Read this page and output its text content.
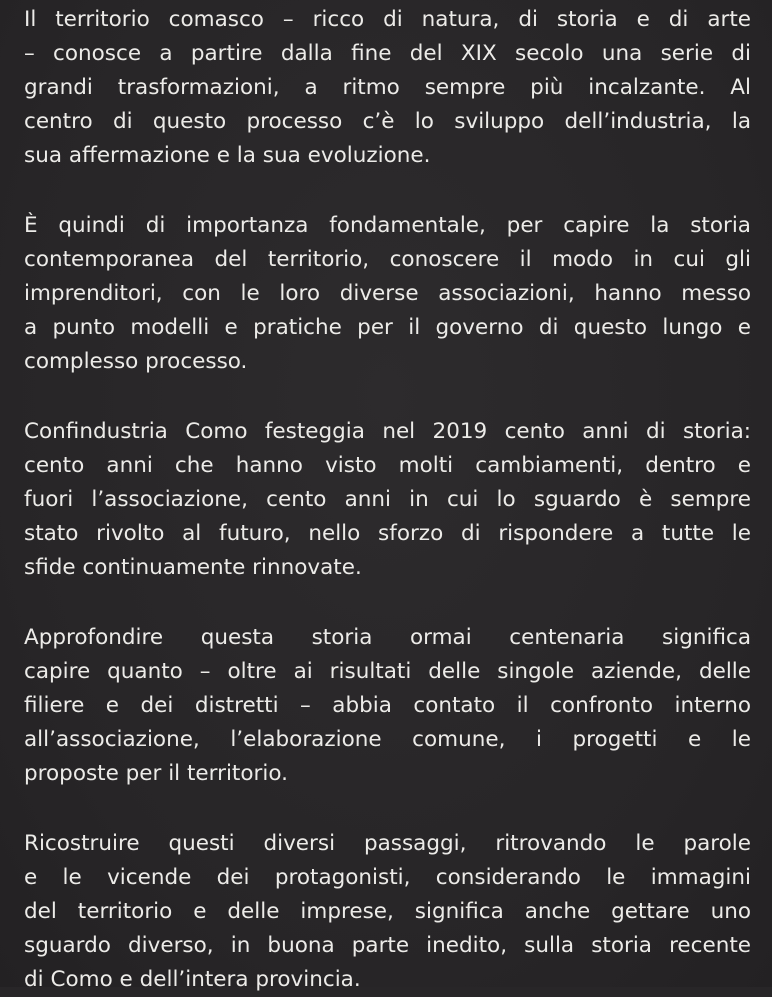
Il territorio comasco – ricco di natura, di storia e di arte
– conosce a partire dalla fine del XIX secolo una serie di
grandi trasformazioni, a ritmo sempre più incalzante. Al
centro di questo processo c’è lo sviluppo dell’industria, la
sua affermazione e la sua evoluzione.

È quindi di importanza fondamentale, per capire la storia
contemporanea del territorio, conoscere il modo in cui gli
imprenditori, con le loro diverse associazioni, hanno messo
a punto modelli e pratiche per il governo di questo lungo e
complesso processo.

Confindustria Como festeggia nel 2019 cento anni di storia:
cento anni che hanno visto molti cambiamenti, dentro e
fuori l’associazione, cento anni in cui lo sguardo è sempre
stato rivolto al futuro, nello sforzo di rispondere a tutte le
sfide continuamente rinnovate.

Approfondire questa storia ormai centenaria significa
capire quanto – oltre ai risultati delle singole aziende, delle
filiere e dei distretti – abbia contato il confronto interno
all’associazione, l’elaborazione comune, i progetti e le
proposte per il territorio.

Ricostruire questi diversi passaggi, ritrovando le parole
e le vicende dei protagonisti, considerando le immagini
del territorio e delle imprese, significa anche gettare uno
sguardo diverso, in buona parte inedito, sulla storia recente
di Como e dell’intera provincia.
